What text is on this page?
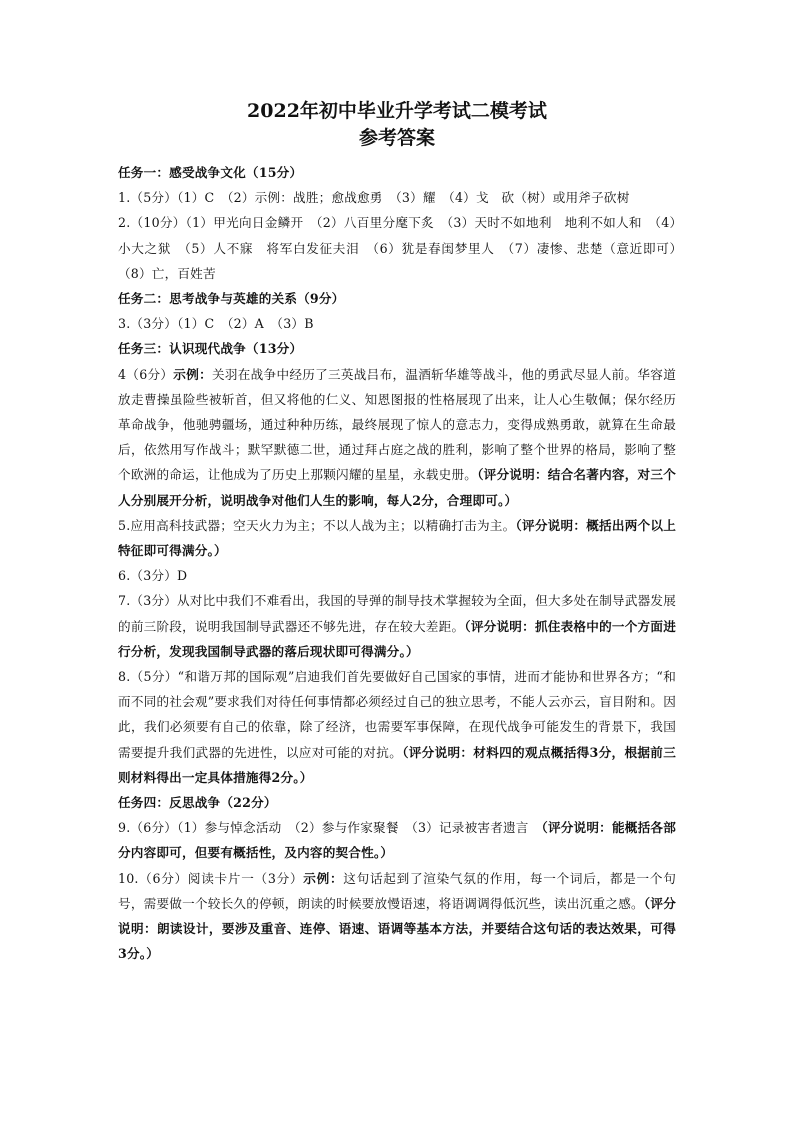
2022年初中毕业升学考试二模考试
参考答案

任务一：感受战争文化（15分）

1.（5分）（1）C　（2）示例：战胜；愈战愈勇　（3）耀　（4）戈　砍（树）或用斧子砍树

2.（10分）（1）甲光向日金鳞开　（2）八百里分麾下炙　（3）天时不如地利　地利不如人和　（4）小大之狱　（5）人不寐　将军白发征夫泪　（6）犹是春闺梦里人　（7）凄惨、悲楚（意近即可）　（8）亡，百姓苦

任务二：思考战争与英雄的关系（9分）

3.（3分）（1）C　（2）A　（3）B

任务三：认识现代战争（13分）

4（6分）示例：关羽在战争中经历了三英战吕布，温酒斩华雄等战斗，他的勇武尽显人前。华容道放走曹操虽险些被斩首，但又将他的仁义、知恩图报的性格展现了出来，让人心生敬佩；保尔经历革命战争，他驰骋疆场，通过种种历练，最终展现了惊人的意志力，变得成熟勇敢，就算在生命最后，依然用写作战斗；默罕默德二世，通过拜占庭之战的胜利，影响了整个世界的格局，影响了整个欧洲的命运，让他成为了历史上那颗闪耀的星星，永载史册。（评分说明：结合名著内容，对三个人分别展开分析，说明战争对他们人生的影响，每人2分，合理即可。）

5.应用高科技武器；空天火力为主；不以人战为主；以精确打击为主。（评分说明：概括出两个以上特征即可得满分。）

6.（3分）D

7.（3分）从对比中我们不难看出，我国的导弹的制导技术掌握较为全面，但大多处在制导武器发展的前三阶段，说明我国制导武器还不够先进，存在较大差距。（评分说明：抓住表格中的一个方面进行分析，发现我国制导武器的落后现状即可得满分。）

8.（5分）“和谐万邦的国际观”启迪我们首先要做好自己国家的事情，进而才能协和世界各方；“和而不同的社会观”要求我们对待任何事情都必须经过自己的独立思考，不能人云亦云，盲目附和。因此，我们必须要有自己的依靠，除了经济，也需要军事保障，在现代战争可能发生的背景下，我国需要提升我们武器的先进性，以应对可能的对抗。（评分说明：材料四的观点概括得3分，根据前三则材料得出一定具体措施得2分。）

任务四：反思战争（22分）

9.（6分）（1）参与悼念活动　（2）参与作家聚餐　（3）记录被害者遗言　（评分说明：能概括各部分内容即可，但要有概括性，及内容的契合性。）

10.（6分）阅读卡片一（3分）示例：这句话起到了渲染气氛的作用，每一个词后，都是一个句号，需要做一个较长久的停顿，朗读的时候要放慢语速，将语调调得低沉些，读出沉重之感。（评分说明：朗读设计，要涉及重音、连停、语速、语调等基本方法，并要结合这句话的表达效果，可得3分。）
